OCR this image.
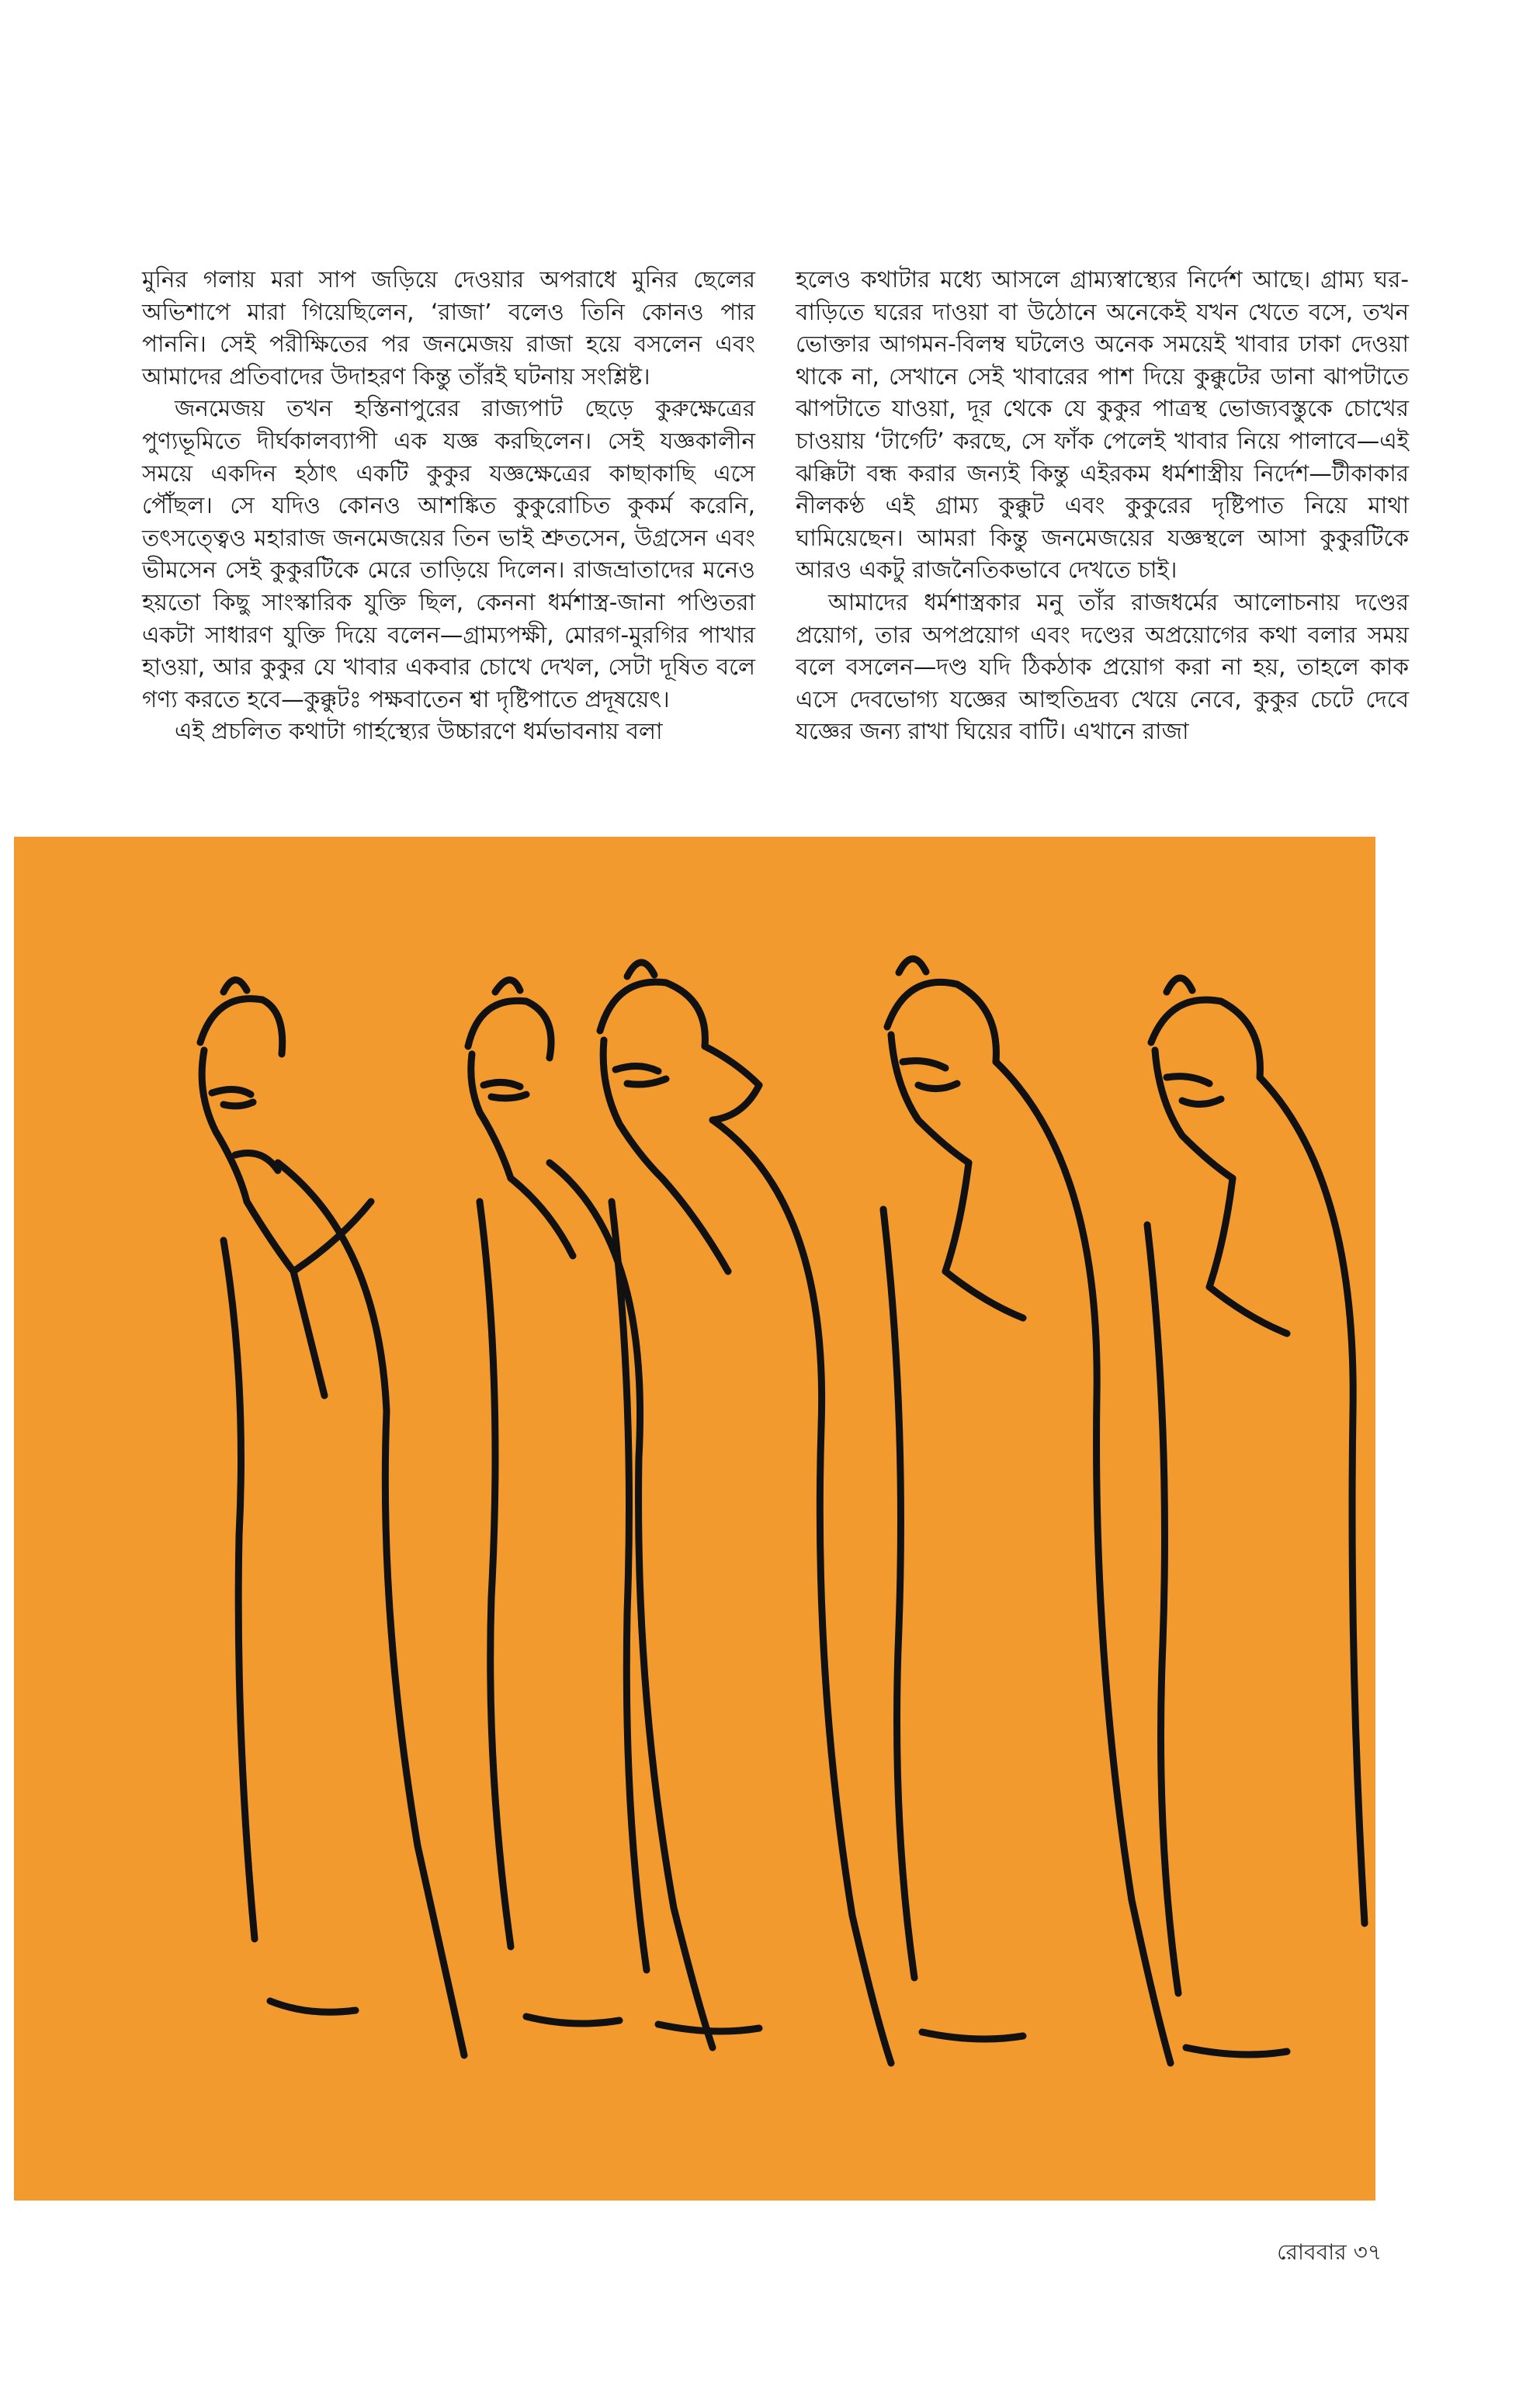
মুনির গলায় মরা সাপ জড়িয়ে দেওয়ার অপরাধে মুনির ছেলের অভিশাপে মারা গিয়েছিলেন, ‘রাজা’ বলেও তিনি কোনও পার পাননি। সেই পরীক্ষিতের পর জনমেজয় রাজা হয়ে বসলেন এবং আমাদের প্রতিবাদের উদাহরণ কিন্তু তাঁরই ঘটনায় সংশ্লিষ্ট।

জনমেজয় তখন হস্তিনাপুরের রাজ্যপাট ছেড়ে কুরুক্ষেত্রের পুণ্যভূমিতে দীর্ঘকালব্যাপী এক যজ্ঞ করছিলেন। সেই যজ্ঞকালীন সময়ে একদিন হঠাৎ একটি কুকুর যজ্ঞক্ষেত্রের কাছাকাছি এসে পৌঁছল। সে যদিও কোনও আশঙ্কিত কুকুরোচিত কুকর্ম করেনি, তৎসত্ত্বেও মহারাজ জনমেজয়ের তিন ভাই শ্রুতসেন, উগ্রসেন এবং ভীমসেন সেই কুকুরটিকে মেরে তাড়িয়ে দিলেন। রাজভ্রাতাদের মনেও হয়তো কিছু সাংস্কারিক যুক্তি ছিল, কেননা ধর্মশাস্ত্র-জানা পণ্ডিতরা একটা সাধারণ যুক্তি দিয়ে বলেন—গ্রাম্যপক্ষী, মোরগ-মুরগির পাখার হাওয়া, আর কুকুর যে খাবার একবার চোখে দেখল, সেটা দূষিত বলে গণ্য করতে হবে—কুক্কুটঃ পক্ষবাতেন শ্বা দৃষ্টিপাতে প্রদূষয়েৎ।

এই প্রচলিত কথাটা গার্হস্থ্যের উচ্চারণে ধর্মভাবনায় বলা

হলেও কথাটার মধ্যে আসলে গ্রাম্যস্বাস্থ্যের নির্দেশ আছে। গ্রাম্য ঘর-বাড়িতে ঘরের দাওয়া বা উঠোনে অনেকেই যখন খেতে বসে, তখন ভোক্তার আগমন-বিলম্ব ঘটলেও অনেক সময়েই খাবার ঢাকা দেওয়া থাকে না, সেখানে সেই খাবারের পাশ দিয়ে কুক্কুটের ডানা ঝাপটাতে ঝাপটাতে যাওয়া, দূর থেকে যে কুকুর পাত্রস্থ ভোজ্যবস্তুকে চোখের চাওয়ায় ‘টার্গেট’ করছে, সে ফাঁক পেলেই খাবার নিয়ে পালাবে—এই ঝক্কিটা বন্ধ করার জন্যই কিন্তু এইরকম ধর্মশাস্ত্রীয় নির্দেশ—টীকাকার নীলকণ্ঠ এই গ্রাম্য কুক্কুট এবং কুকুরের দৃষ্টিপাত নিয়ে মাথা ঘামিয়েছেন। আমরা কিন্তু জনমেজয়ের যজ্ঞস্থলে আসা কুকুরটিকে আরও একটু রাজনৈতিকভাবে দেখতে চাই।

আমাদের ধর্মশাস্ত্রকার মনু তাঁর রাজধর্মের আলোচনায় দণ্ডের প্রয়োগ, তার অপপ্রয়োগ এবং দণ্ডের অপ্রয়োগের কথা বলার সময় বলে বসলেন—দণ্ড যদি ঠিকঠাক প্রয়োগ করা না হয়, তাহলে কাক এসে দেবভোগ্য যজ্ঞের আহুতিদ্রব্য খেয়ে নেবে, কুকুর চেটে দেবে যজ্ঞের জন্য রাখা ঘিয়ের বাটি। এখানে রাজা

রোববার ৩৭
